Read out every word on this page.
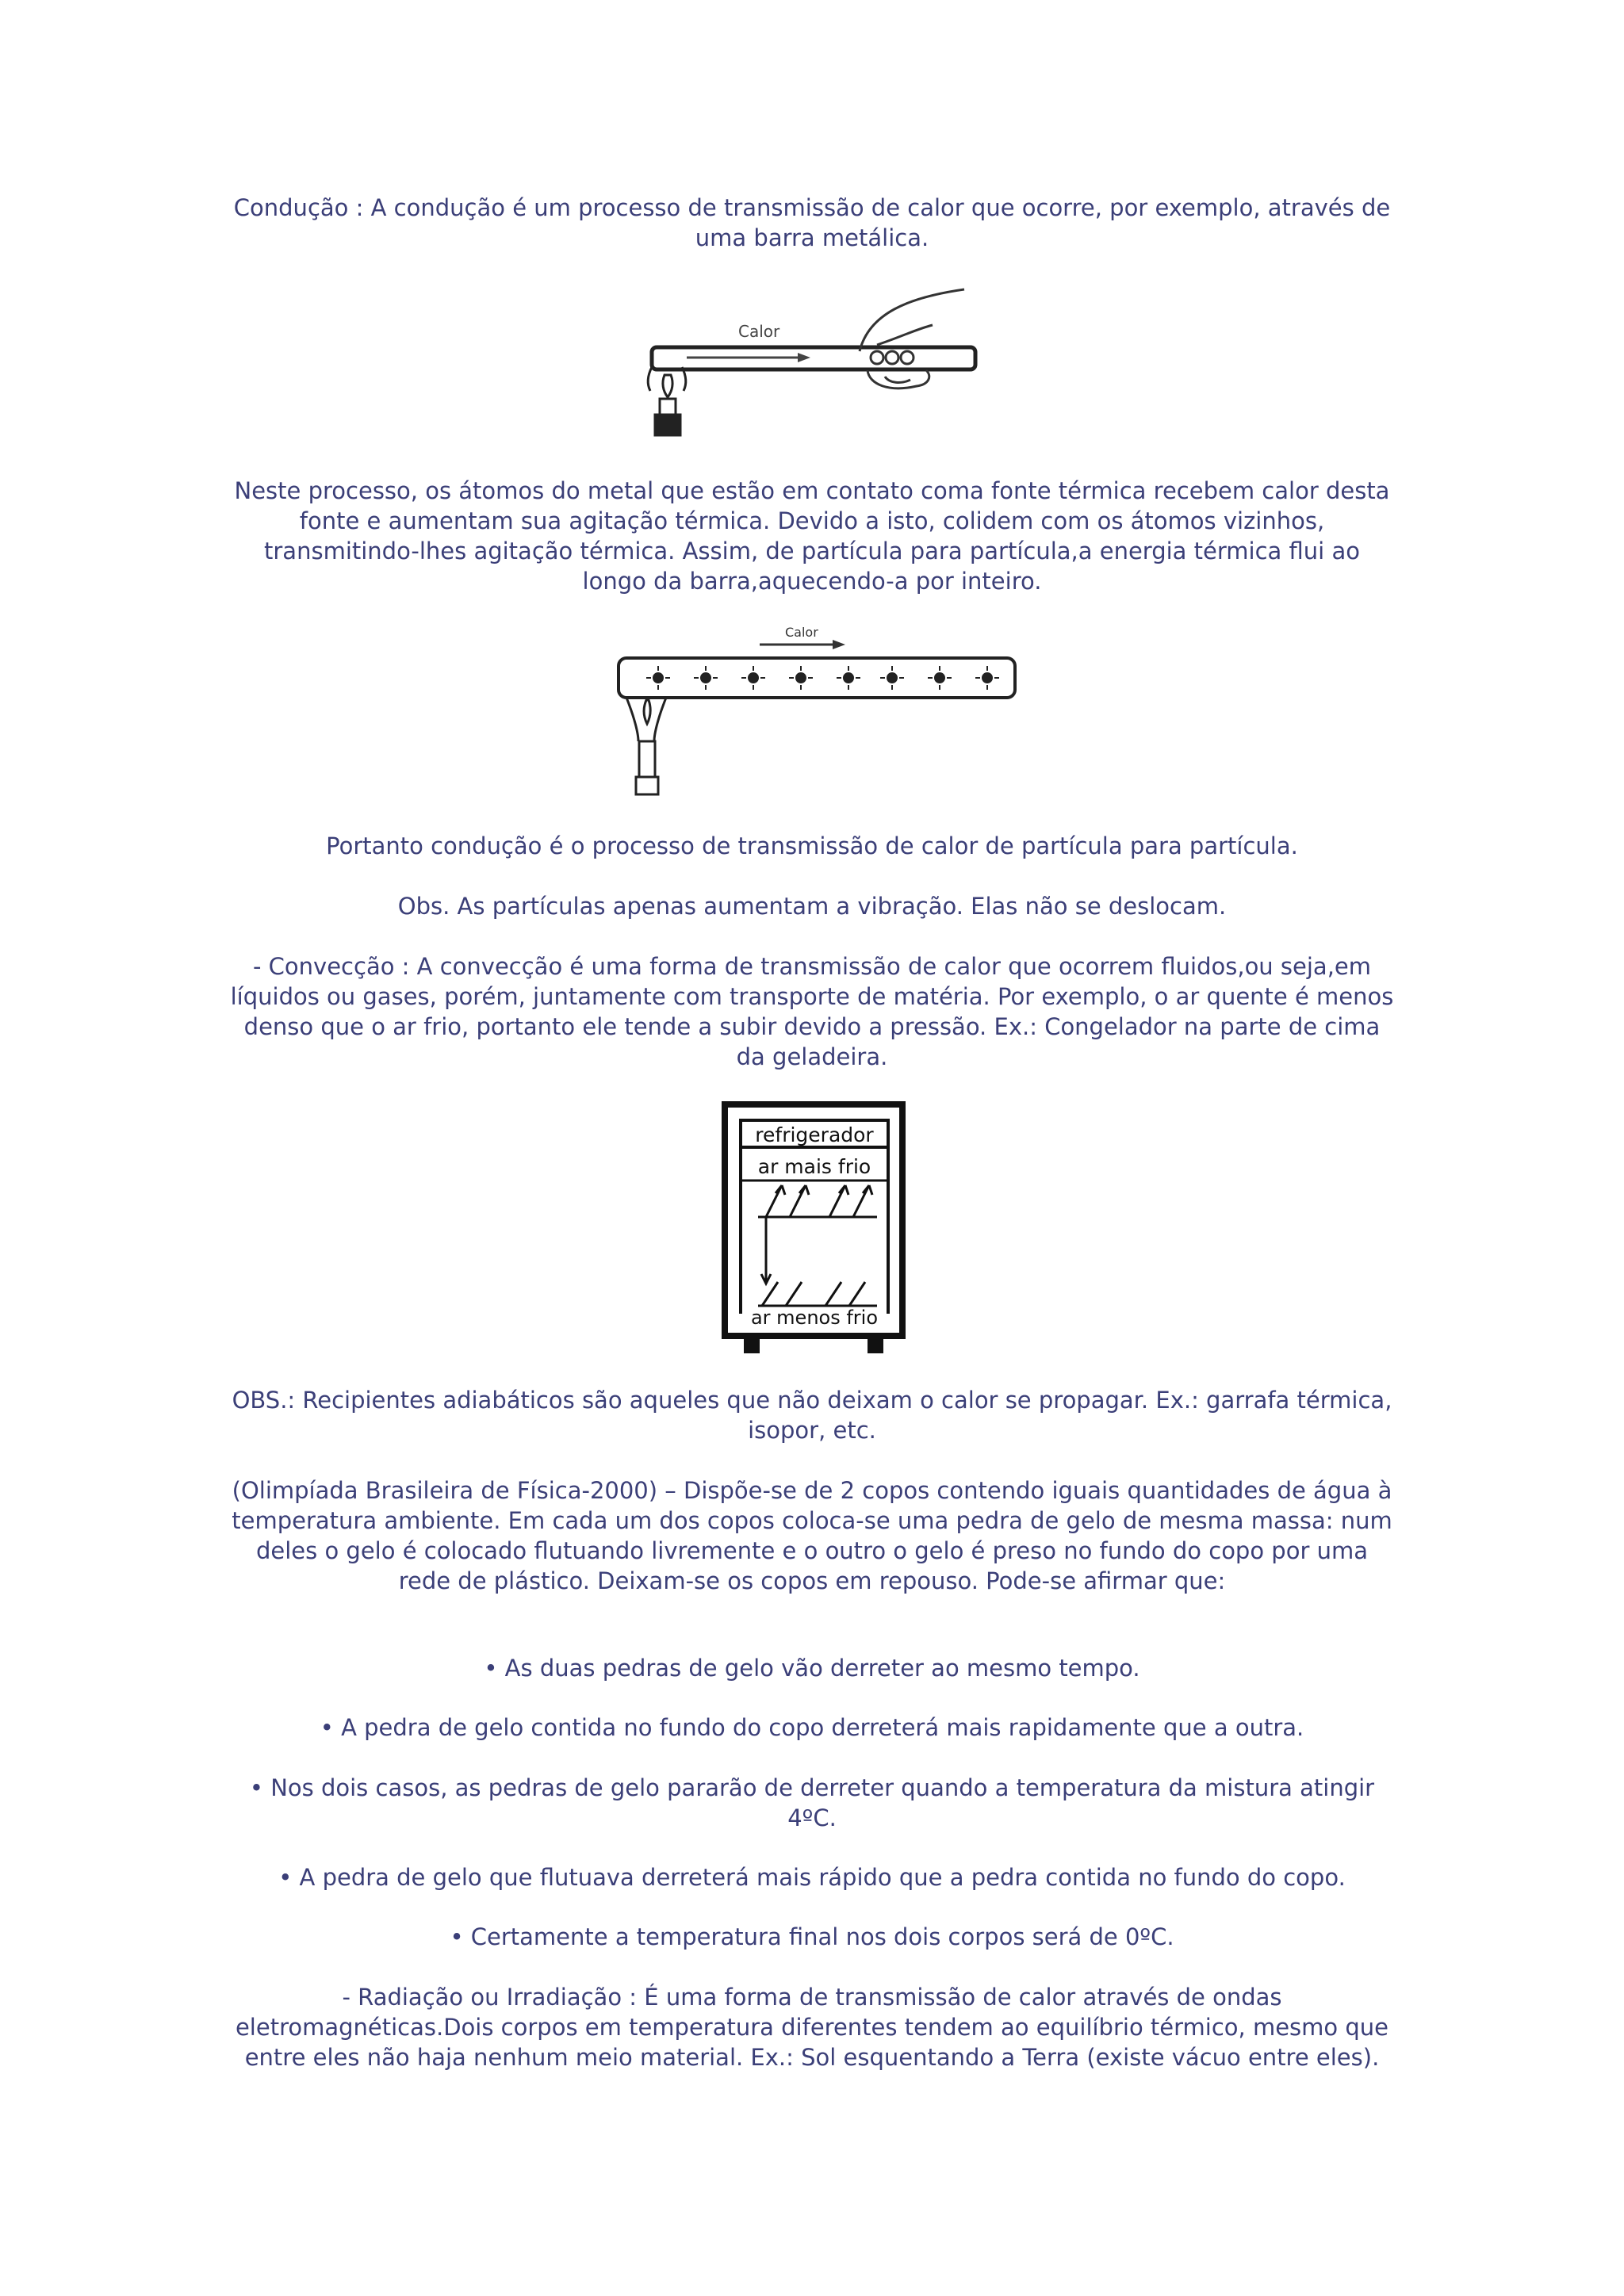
Condução : A condução é um processo de transmissão de calor que ocorre, por exemplo, através de uma barra metálica.

Calor

Neste processo, os átomos do metal que estão em contato coma fonte térmica recebem calor desta fonte e aumentam sua agitação térmica. Devido a isto, colidem com os átomos vizinhos, transmitindo-lhes agitação térmica. Assim, de partícula para partícula,a energia térmica flui ao longo da barra,aquecendo-a por inteiro.

Calor

Portanto condução é o processo de transmissão de calor de partícula para partícula.

Obs. As partículas apenas aumentam a vibração. Elas não se deslocam.

- Convecção : A convecção é uma forma de transmissão de calor que ocorrem fluidos,ou seja,em líquidos ou gases, porém, juntamente com transporte de matéria. Por exemplo, o ar quente é menos denso que o ar frio, portanto ele tende a subir devido a pressão. Ex.: Congelador na parte de cima da geladeira.

refrigerador
ar mais frio
ar menos frio

OBS.: Recipientes adiabáticos são aqueles que não deixam o calor se propagar. Ex.: garrafa térmica, isopor, etc.

(Olimpíada Brasileira de Física-2000) – Dispõe-se de 2 copos contendo iguais quantidades de água à temperatura ambiente. Em cada um dos copos coloca-se uma pedra de gelo de mesma massa: num deles o gelo é colocado flutuando livremente e o outro o gelo é preso no fundo do copo por uma rede de plástico. Deixam-se os copos em repouso. Pode-se afirmar que:

• As duas pedras de gelo vão derreter ao mesmo tempo.

• A pedra de gelo contida no fundo do copo derreterá mais rapidamente que a outra.

• Nos dois casos, as pedras de gelo pararão de derreter quando a temperatura da mistura atingir 4ºC.

• A pedra de gelo que flutuava derreterá mais rápido que a pedra contida no fundo do copo.

• Certamente a temperatura final nos dois corpos será de 0ºC.

- Radiação ou Irradiação : É uma forma de transmissão de calor através de ondas eletromagnéticas.Dois corpos em temperatura diferentes tendem ao equilíbrio térmico, mesmo que entre eles não haja nenhum meio material. Ex.: Sol esquentando a Terra (existe vácuo entre eles).
